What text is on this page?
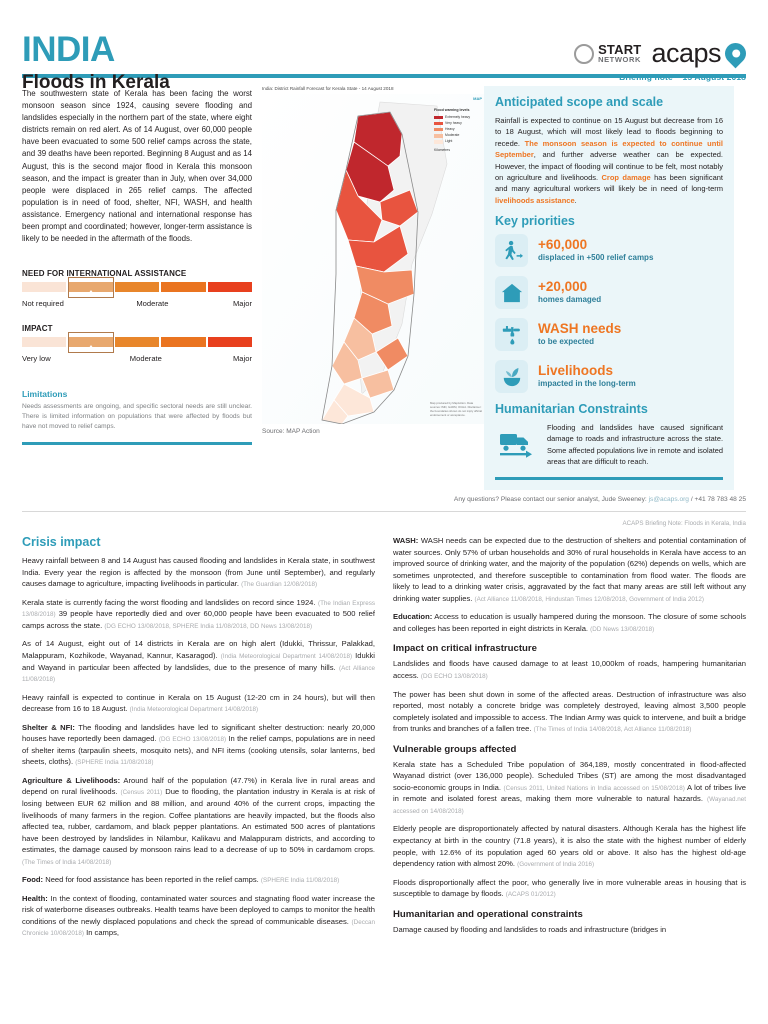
INDIA
Floods in Kerala
START
NETWORK acaps
Briefing note – 15 August 2018

The southwestern state of Kerala has been facing the worst monsoon season since 1924, causing severe flooding and landslides especially in the northern part of the state, where eight districts remain on red alert. As of 14 August, over 60,000 people have been evacuated to some 500 relief camps across the state, and 39 deaths have been reported. Beginning 8 August and as 14 August, this is the second major flood in Kerala this monsoon season, and the impact is greater than in July, when over 34,000 people were displaced in 265 relief camps. The affected population is in need of food, shelter, NFI, WASH, and health assistance. Emergency national and international response has been prompt and coordinated; however, longer-term assistance is likely to be needed in the aftermath of the floods.

NEED FOR INTERNATIONAL ASSISTANCE
Not required	Moderate	Major
IMPACT
Very low	Moderate	Major
Limitations

Needs assessments are ongoing, and specific sectoral needs are still unclear. There is limited information on populations that were affected by floods but have not moved to relief camps.

India: District Rainfall Forecast for Kerala State - 14 August 2018
MAP
Flood warning levels
Extremely heavy
Very heavy
Heavy
Moderate
Light
Kilometres
Map produced by MapAction. Data sources: IMD, GADM, OCHA. Disclaimer: the boundaries shown do not imply official endorsement or acceptance.
Source: MAP Action
Anticipated scope and scale

Rainfall is expected to continue on 15 August but decrease from 16 to 18 August, which will most likely lead to floods beginning to recede. The monsoon season is expected to continue until September, and further adverse weather can be expected. However, the impact of flooding will continue to be felt, most notably on agriculture and livelihoods. Crop damage has been significant and many agricultural workers will likely be in need of long-term livelihoods assistance.

Key priorities
+60,000
displaced in +500 relief camps
+20,000
homes damaged
WASH needs
to be expected
Livelihoods
impacted in the long-term
Humanitarian Constraints
Flooding and landslides have caused significant damage to roads and infrastructure across the state. Some affected populations live in remote and isolated areas that are difficult to reach.
Any questions? Please contact our senior analyst, Jude Sweeney: js@acaps.org / +41 78 783 48 25
ACAPS Briefing Note: Floods in Kerala, India
Crisis impact

Heavy rainfall between 8 and 14 August has caused flooding and landslides in Kerala state, in southwest India. Every year the region is affected by the monsoon (from June until September), and regularly causes damage to agriculture, impacting livelihoods in particular. (The Guardian 12/08/2018)

Kerala state is currently facing the worst flooding and landslides on record since 1924. (The Indian Express 13/08/2018) 39 people have reportedly died and over 60,000 people have been evacuated to 500 relief camps across the state. (DG ECHO 13/08/2018, SPHERE India 11/08/2018, DD News 13/08/2018)

As of 14 August, eight out of 14 districts in Kerala are on high alert (Idukki, Thrissur, Palakkad, Malappuram, Kozhikode, Wayanad, Kannur, Kasaragod). (India Meteorological Department 14/08/2018) Idukki and Wayand in particular been affected by landslides, due to the presence of many hills. (Act Alliance 11/08/2018)

Heavy rainfall is expected to continue in Kerala on 15 August (12-20 cm in 24 hours), but will then decrease from 16 to 18 August. (India Meteorological Department 14/08/2018)

Shelter & NFI: The flooding and landslides have led to significant shelter destruction: nearly 20,000 houses have reportedly been damaged. (DG ECHO 13/08/2018) In the relief camps, populations are in need of shelter items (tarpaulin sheets, mosquito nets), and NFI items (cooking utensils, solar lanterns, bed sheets, cloths). (SPHERE India 11/08/2018)

Agriculture & Livelihoods: Around half of the population (47.7%) in Kerala live in rural areas and depend on rural livelihoods. (Census 2011) Due to flooding, the plantation industry in Kerala is at risk of losing between EUR 62 million and 88 million, and around 40% of the current crops, impacting the livelihoods of many farmers in the region. Coffee plantations are heavily impacted, but the floods also affected tea, rubber, cardamom, and black pepper plantations. An estimated 500 acres of plantations have been destroyed by landslides in Nilambur, Kalikavu and Malappuram districts, and according to estimates, the damage caused by monsoon rains lead to a decrease of up to 50% in cardamom crops. (The Times of India 14/08/2018)

Food: Need for food assistance has been reported in the relief camps. (SPHERE India 11/08/2018)

Health: In the context of flooding, contaminated water sources and stagnating flood water increase the risk of waterborne diseases outbreaks. Health teams have been deployed to camps to monitor the health conditions of the newly displaced populations and check the spread of communicable diseases. (Deccan Chronicle 10/08/2018) In camps,

WASH: WASH needs can be expected due to the destruction of shelters and potential contamination of water sources. Only 57% of urban households and 30% of rural households in Kerala have access to an improved source of drinking water, and the majority of the population (62%) depends on wells, which are sometimes unprotected, and therefore susceptible to contamination from flood water. The floods are likely to lead to a drinking water crisis, aggravated by the fact that many areas are still left without any drinking water supplies. (Act Alliance 11/08/2018, Hindustan Times 12/08/2018, Government of India 2012)

Education: Access to education is usually hampered during the monsoon. The closure of some schools and colleges has been reported in eight districts in Kerala. (DD News 13/08/2018)

Impact on critical infrastructure

Landslides and floods have caused damage to at least 10,000km of roads, hampering humanitarian access. (DG ECHO 13/08/2018)

The power has been shut down in some of the affected areas. Destruction of infrastructure was also reported, most notably a concrete bridge was completely destroyed, leaving almost 3,500 people completely isolated and impossible to access. The Indian Army was quick to intervene, and built a bridge from trunks and branches of a fallen tree. (The Times of India 14/08/2018, Act Alliance 11/08/2018)

Vulnerable groups affected

Kerala state has a Scheduled Tribe population of 364,189, mostly concentrated in flood-affected Wayanad district (over 136,000 people). Scheduled Tribes (ST) are among the most disadvantaged socio-economic groups in India. (Census 2011, United Nations in India accessed on 15/08/2018) A lot of tribes live in remote and isolated forest areas, making them more vulnerable to natural hazards. (Wayanad.net accessed on 14/08/2018)

Elderly people are disproportionately affected by natural disasters. Although Kerala has the highest life expectancy at birth in the country (71.8 years), it is also the state with the highest number of elderly people, with 12.6% of its population aged 60 years old or above. It also has the highest old-age dependency ration with almost 20%. (Government of India 2016)

Floods disproportionally affect the poor, who generally live in more vulnerable areas in housing that is susceptible to damage by floods. (ACAPS 01/2012)

Humanitarian and operational constraints

Damage caused by flooding and landslides to roads and infrastructure (bridges in
